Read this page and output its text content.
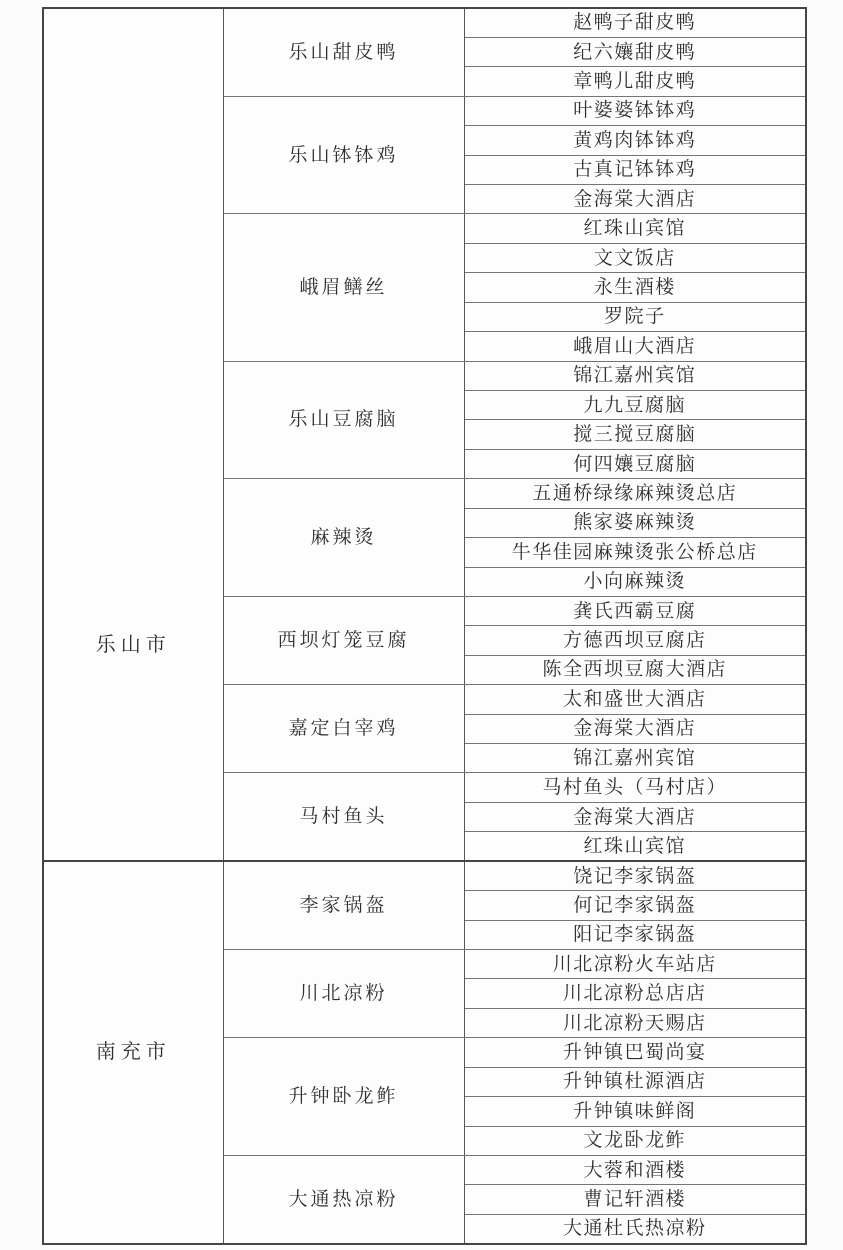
乐山市	乐山甜皮鸭	赵鸭子甜皮鸭

		纪六孃甜皮鸭

		章鸭儿甜皮鸭

	乐山钵钵鸡	叶婆婆钵钵鸡

		黄鸡肉钵钵鸡

		古真记钵钵鸡

		金海棠大酒店

	峨眉鳝丝	红珠山宾馆

		文文饭店

		永生酒楼

		罗院子

		峨眉山大酒店

	乐山豆腐脑	锦江嘉州宾馆

		九九豆腐脑

		搅三搅豆腐脑

		何四孃豆腐脑

	麻辣烫	五通桥绿缘麻辣烫总店

		熊家婆麻辣烫

		牛华佳园麻辣烫张公桥总店

		小向麻辣烫

	西坝灯笼豆腐	龚氏西霸豆腐

		方德西坝豆腐店

		陈全西坝豆腐大酒店

	嘉定白宰鸡	太和盛世大酒店

		金海棠大酒店

		锦江嘉州宾馆

	马村鱼头	马村鱼头（马村店）

		金海棠大酒店

		红珠山宾馆

南充市	李家锅盔	饶记李家锅盔

		何记李家锅盔

		阳记李家锅盔

	川北凉粉	川北凉粉火车站店

		川北凉粉总店店

		川北凉粉天赐店

	升钟卧龙鲊	升钟镇巴蜀尚宴

		升钟镇杜源酒店

		升钟镇味鲜阁

		文龙卧龙鲊

	大通热凉粉	大蓉和酒楼

		曹记轩酒楼

		大通杜氏热凉粉
